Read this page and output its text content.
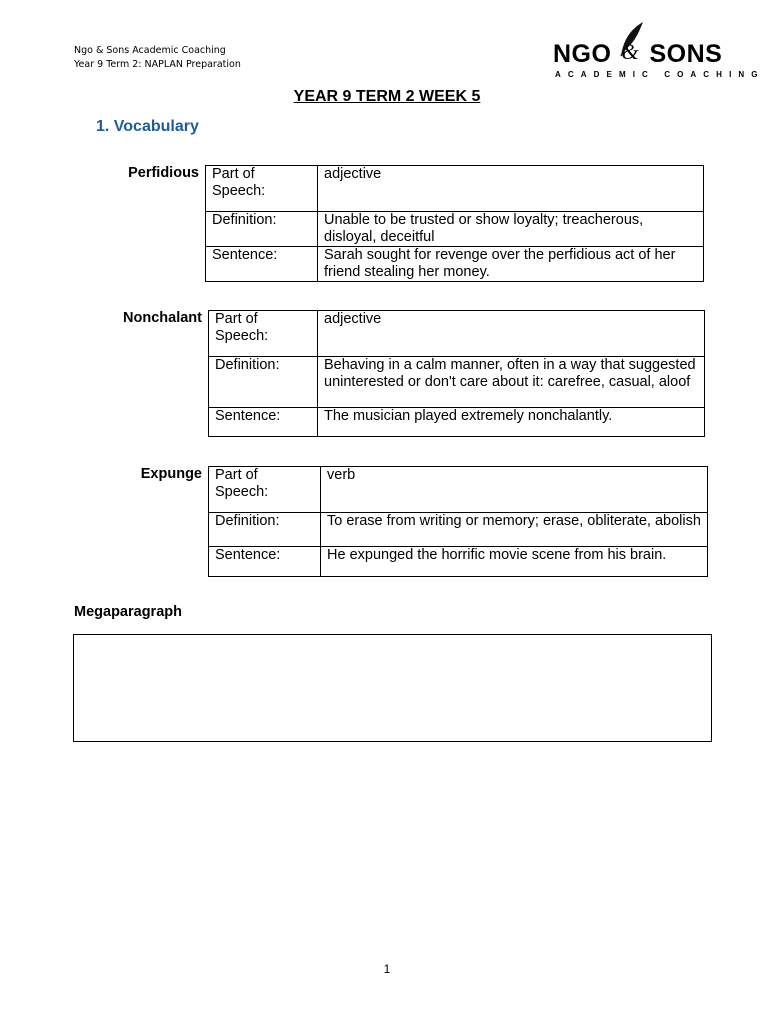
Ngo & Sons Academic Coaching
Year 9 Term 2: NAPLAN Preparation	NGO & SONS
ACADEMIC COACHING
YEAR 9 TERM 2 WEEK 5
1. Vocabulary
Perfidious Part of Speech:	adjective
Definition:	Unable to be trusted or show loyalty; treacherous, disloyal, deceitful
Sentence:	Sarah sought for revenge over the perfidious act of her friend stealing her money.
Nonchalant Part of Speech:	adjective
Definition:	Behaving in a calm manner, often in a way that suggested uninterested or don't care about it: carefree, casual, aloof
Sentence:	The musician played extremely nonchalantly.
Expunge Part of Speech:	verb
Definition:	To erase from writing or memory; erase, obliterate, abolish
Sentence:	He expunged the horrific movie scene from his brain.
Megaparagraph
1
